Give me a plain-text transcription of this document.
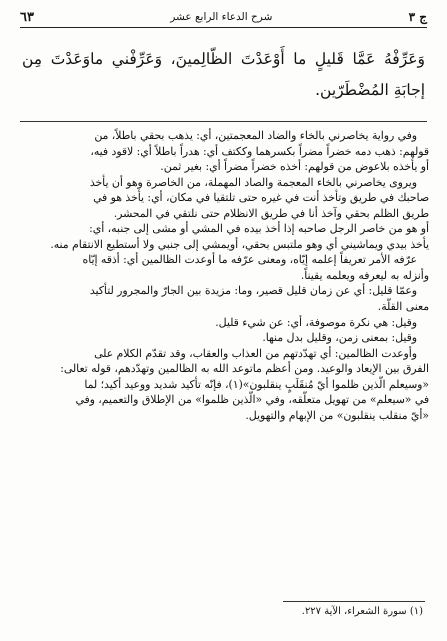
ج ٣
شرح الدعاء الرابع عشر
٦٣
وَعَرِّفْهُ عَمَّا قَليلٍ ما أَوْعَدْتَ الظّالِمينَ، وَعَرِّفْني ماوَعَدْتَ مِن إجابَةِ المُضْطَرّين.

وفي رواية يخاصرني بالخاء والضاد المعجمتين، أي: يذهب بحقي باطلاً، من

قولهم: ذهب دمه خضراً مضراً بكسرهما وككتف أي: هدراً باطلاً أي: لاقود فيه،

أو يأخذه بلاعوض من قولهم: أخذه خضراً مضراً أي: بغير ثمن.

ويروى يخاصرني بالخاء المعجمة والصاد المهملة، من الخاصرة وهو أن يأخذ

صاحبك في طريق وتأخذ أنت في غيره حتى تلتقيا في مكان، أي: يأخذ هو في

طريق الظلم بحقي وآخذ أنا في طريق الانظلام حتى نلتقي في المحشر.

أو هو من خاصر الرجل صاحبه إذا أخذ بيده في المشي أو مشى إلى جنبه، أي:

يأخذ بيدي ويماشيني أي وهو ملتبس بحقي، أويمشي إلى جنبي ولا أستطيع الانتقام منه.

عرّفه الأمر تعريفاً إعلمه إيّاه، ومعنى عرّفه ما أوعدت الظالمين أي: أذقه إيّاه

وأنزله به ليعرفه ويعلمه يقيناً.

وعمّا قليل: أي عن زمان قليل قصير، وما: مزيدة بين الجارّ والمجرور لتأكيد

معنى القلّة.

وقيل: هي نكرة موصوفة، أي: عن شيء قليل.

وقيل: بمعنى زمن، وقليل بدل منها.

وأوعدت الظالمين: أي تهدّدتهم من العذاب والعقاب، وقد تقدّم الكلام على

الفرق بين الإيعاد والوعيد. ومن أعظم ماتوعد الله به الظالمين وتهدّدهم، قوله تعالى:

«وسيعلم الّذين ظلموا أيّ مُنقَلَبٍ ينقلبون»(١)، فإنّه تأكيد شديد ووعيد أكيد؛ لما

في «سيعلم» من تهويل متعلّقه، وفي «الّذين ظلموا» من الإطلاق والتعميم، وفي

«أيّ منقلب ينقلبون» من الإبهام والتهويل.

(١) سورة الشعراء، الآية ٢٢٧.
